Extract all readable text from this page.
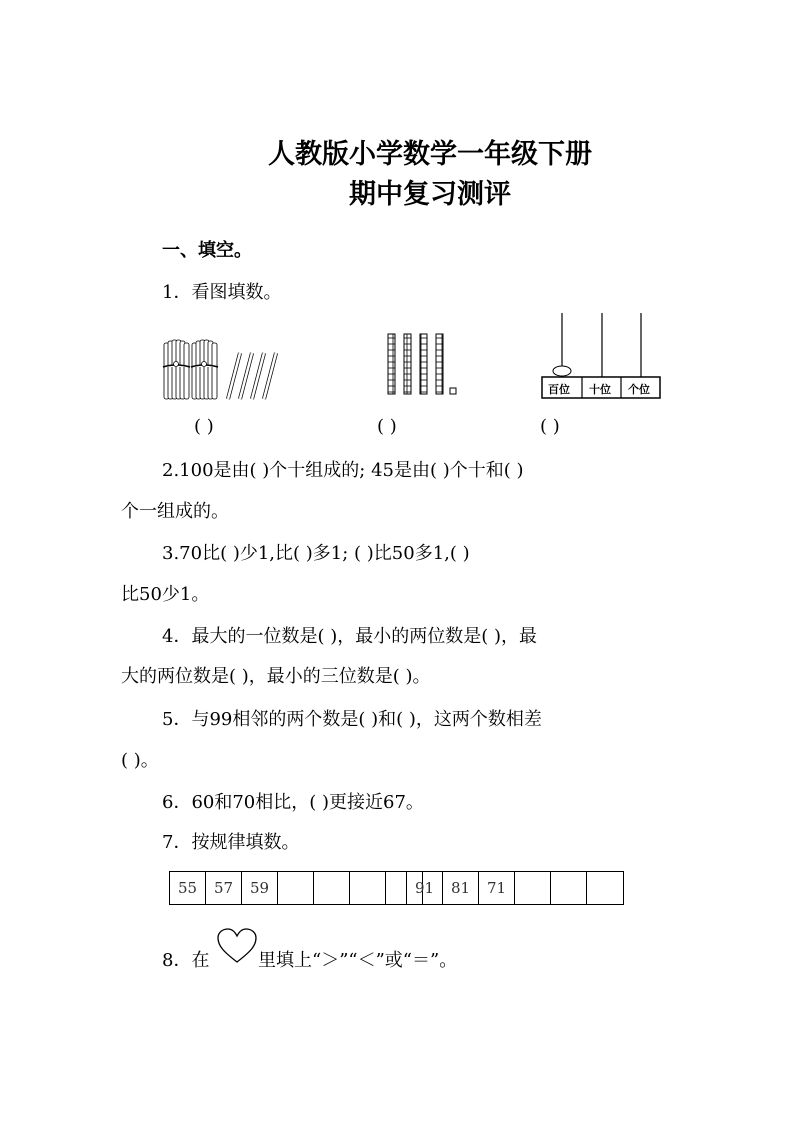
人教版小学数学一年级下册
期中复习测评
一、填空。
1．看图填数。
百位 十位 个位
( )	( )	( )
2.100是由( )个十组成的; 45是由( )个十和( )
个一组成的。
3.70比( )少1,比( )多1; ( )比50多1,( )
比50少1。
4．最大的一位数是( )，最小的两位数是( )，最
大的两位数是( )，最小的三位数是( )。
5．与99相邻的两个数是( )和( )，这两个数相差
( )。
6．60和70相比，( )更接近67。
7．按规律填数。
55	57	59	91	81	71
8．在	里填上“＞”“＜”或“＝”。
